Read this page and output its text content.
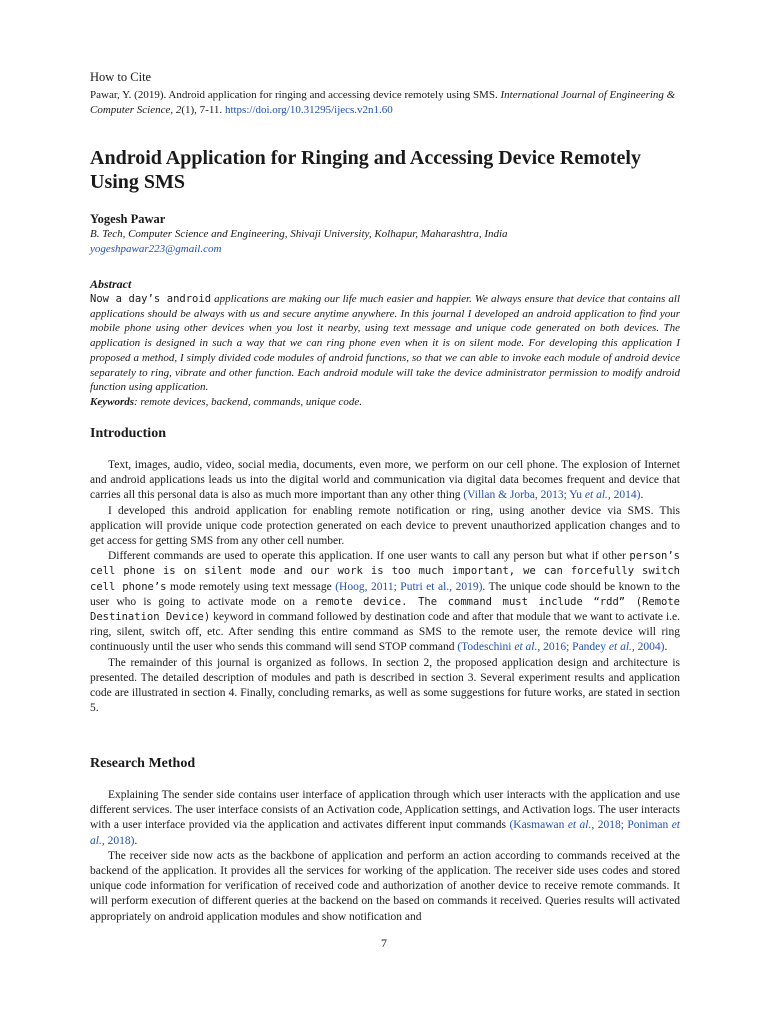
How to Cite
Pawar, Y. (2019). Android application for ringing and accessing device remotely using SMS. International Journal of Engineering & Computer Science, 2(1), 7-11. https://doi.org/10.31295/ijecs.v2n1.60
Android Application for Ringing and Accessing Device Remotely Using SMS
Yogesh Pawar
B. Tech, Computer Science and Engineering, Shivaji University, Kolhapur, Maharashtra, India
yogeshpawar223@gmail.com
Abstract
Now a day’s android applications are making our life much easier and happier. We always ensure that device that contains all applications should be always with us and secure anytime anywhere. In this journal I developed an android application to find your mobile phone using other devices when you lost it nearby, using text message and unique code generated on both devices. The application is designed in such a way that we can ring phone even when it is on silent mode. For developing this application I proposed a method, I simply divided code modules of android functions, so that we can able to invoke each module of android device separately to ring, vibrate and other function. Each android module will take the device administrator permission to modify android function using application.
Keywords: remote devices, backend, commands, unique code.
Introduction

Text, images, audio, video, social media, documents, even more, we perform on our cell phone. The explosion of Internet and android applications leads us into the digital world and communication via digital data becomes frequent and device that carries all this personal data is also as much more important than any other thing (Villan & Jorba, 2013; Yu et al., 2014).

I developed this android application for enabling remote notification or ring, using another device via SMS. This application will provide unique code protection generated on each device to prevent unauthorized application changes and to get access for getting SMS from any other cell number.

Different commands are used to operate this application. If one user wants to call any person but what if other person’s cell phone is on silent mode and our work is too much important, we can forcefully switch cell phone’s mode remotely using text message (Hoog, 2011; Putri et al., 2019). The unique code should be known to the user who is going to activate mode on a remote device. The command must include “rdd” (Remote Destination Device) keyword in command followed by destination code and after that module that we want to activate i.e. ring, silent, switch off, etc. After sending this entire command as SMS to the remote user, the remote device will ring continuously until the user who sends this command will send STOP command (Todeschini et al., 2016; Pandey et al., 2004).

The remainder of this journal is organized as follows. In section 2, the proposed application design and architecture is presented. The detailed description of modules and path is described in section 3. Several experiment results and application code are illustrated in section 4. Finally, concluding remarks, as well as some suggestions for future works, are stated in section 5.

Research Method

Explaining The sender side contains user interface of application through which user interacts with the application and use different services. The user interface consists of an Activation code, Application settings, and Activation logs. The user interacts with a user interface provided via the application and activates different input commands (Kasmawan et al., 2018; Poniman et al., 2018).

The receiver side now acts as the backbone of application and perform an action according to commands received at the backend of the application. It provides all the services for working of the application. The receiver side uses codes and stored unique code information for verification of received code and authorization of another device to receive remote commands. It will perform execution of different queries at the backend on the based on commands it received. Queries results will activated appropriately on android application modules and show notification and

7
